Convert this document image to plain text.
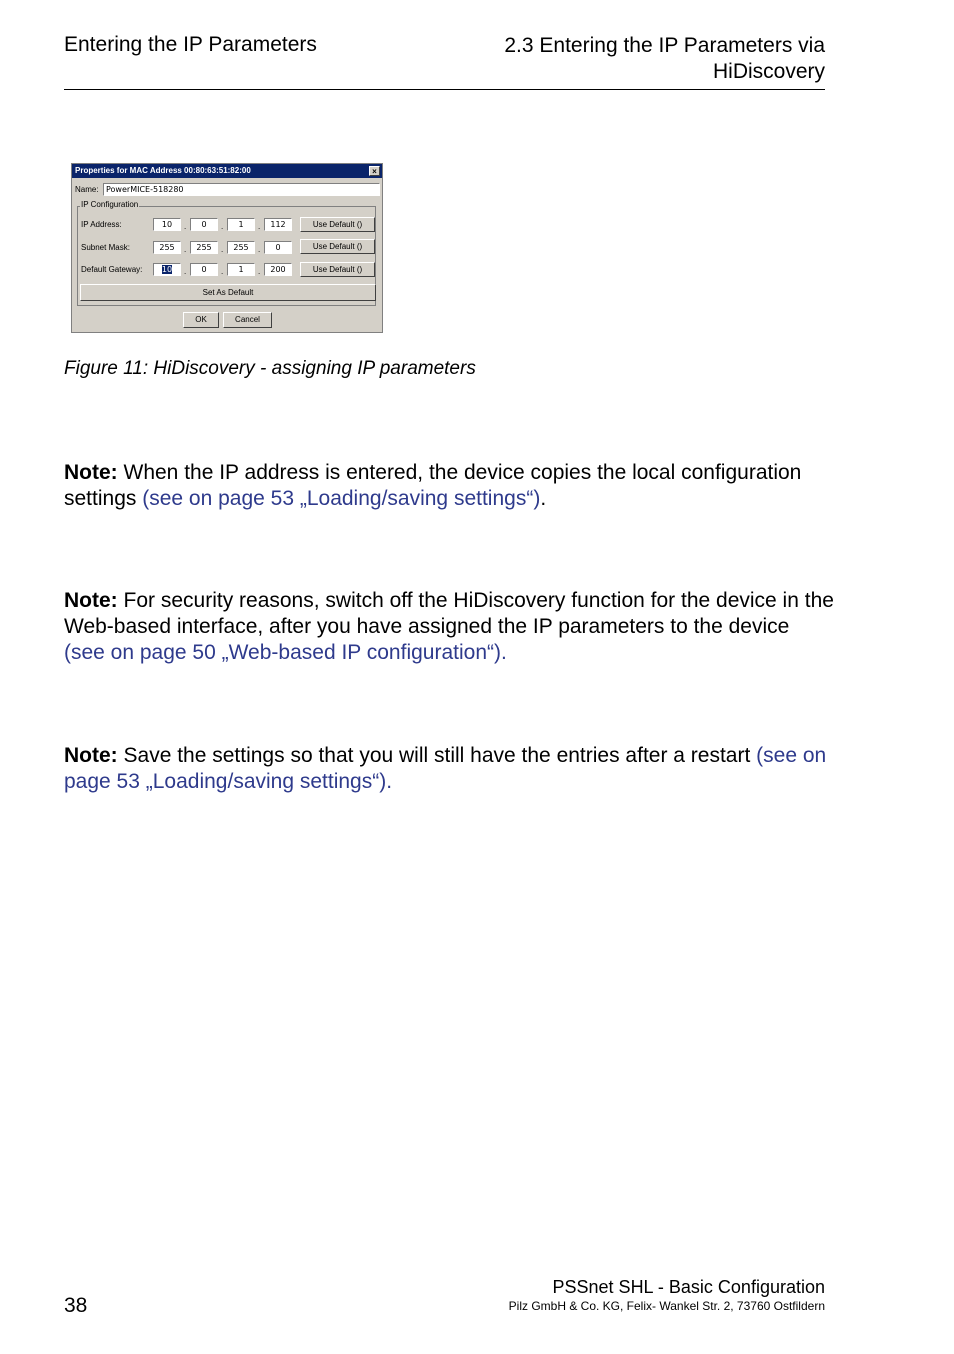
Entering the IP Parameters	2.3 Entering the IP Parameters via
HiDiscovery
Properties for MAC Address 00:80:63:51:82:00	×
Name: PowerMICE-518280
IP Configuration
IP Address:	10	.	0	.	1	.	112	Use Default ()
Subnet Mask:	255	.	255	.	255	.	0	Use Default ()
Default Gateway:	10	.	0	.	1	.	200	Use Default ()
Set As Default
OK	Cancel
Figure 11: HiDiscovery - assigning IP parameters
Note: When the IP address is entered, the device copies the local configuration settings (see on page 53 „Loading/saving settings“).
Note: For security reasons, switch off the HiDiscovery function for the device in the Web-based interface, after you have assigned the IP parameters to the device (see on page 50 „Web-based IP configuration“).
Note: Save the settings so that you will still have the entries after a restart (see on page 53 „Loading/saving settings“).
PSSnet SHL - Basic Configuration
38	Pilz GmbH & Co. KG, Felix- Wankel Str. 2, 73760 Ostfildern
